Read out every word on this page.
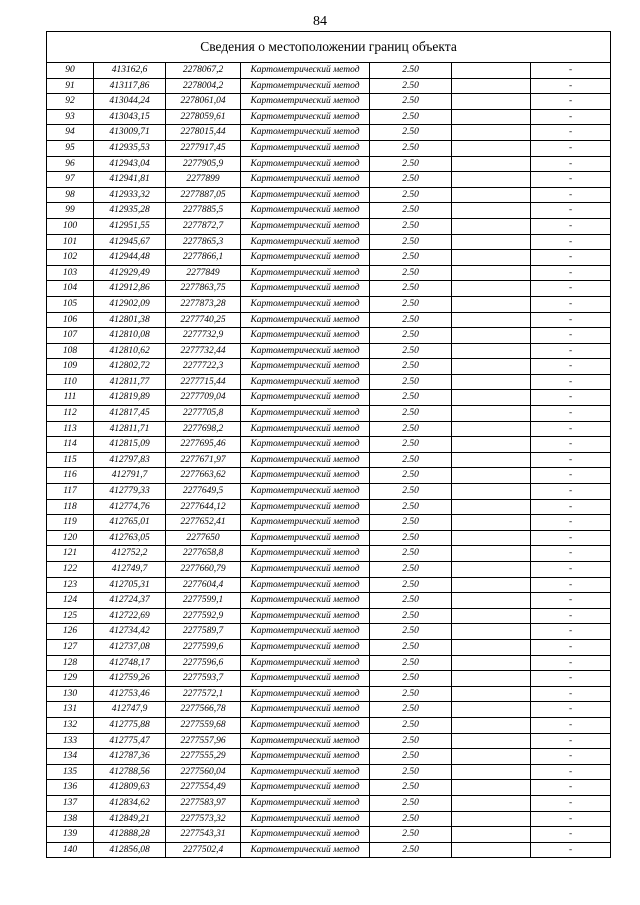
84
Сведения о местоположении границ объекта						
90	413162,6	2278067,2	Картометрический метод	2.50		-
91	413117,86	2278004,2	Картометрический метод	2.50		-
92	413044,24	2278061,04	Картометрический метод	2.50		-
93	413043,15	2278059,61	Картометрический метод	2.50		-
94	413009,71	2278015,44	Картометрический метод	2.50		-
95	412935,53	2277917,45	Картометрический метод	2.50		-
96	412943,04	2277905,9	Картометрический метод	2.50		-
97	412941,81	2277899	Картометрический метод	2.50		-
98	412933,32	2277887,05	Картометрический метод	2.50		-
99	412935,28	2277885,5	Картометрический метод	2.50		-
100	412951,55	2277872,7	Картометрический метод	2.50		-
101	412945,67	2277865,3	Картометрический метод	2.50		-
102	412944,48	2277866,1	Картометрический метод	2.50		-
103	412929,49	2277849	Картометрический метод	2.50		-
104	412912,86	2277863,75	Картометрический метод	2.50		-
105	412902,09	2277873,28	Картометрический метод	2.50		-
106	412801,38	2277740,25	Картометрический метод	2.50		-
107	412810,08	2277732,9	Картометрический метод	2.50		-
108	412810,62	2277732,44	Картометрический метод	2.50		-
109	412802,72	2277722,3	Картометрический метод	2.50		-
110	412811,77	2277715,44	Картометрический метод	2.50		-
111	412819,89	2277709,04	Картометрический метод	2.50		-
112	412817,45	2277705,8	Картометрический метод	2.50		-
113	412811,71	2277698,2	Картометрический метод	2.50		-
114	412815,09	2277695,46	Картометрический метод	2.50		-
115	412797,83	2277671,97	Картометрический метод	2.50		-
116	412791,7	2277663,62	Картометрический метод	2.50		-
117	412779,33	2277649,5	Картометрический метод	2.50		-
118	412774,76	2277644,12	Картометрический метод	2.50		-
119	412765,01	2277652,41	Картометрический метод	2.50		-
120	412763,05	2277650	Картометрический метод	2.50		-
121	412752,2	2277658,8	Картометрический метод	2.50		-
122	412749,7	2277660,79	Картометрический метод	2.50		-
123	412705,31	2277604,4	Картометрический метод	2.50		-
124	412724,37	2277599,1	Картометрический метод	2.50		-
125	412722,69	2277592,9	Картометрический метод	2.50		-
126	412734,42	2277589,7	Картометрический метод	2.50		-
127	412737,08	2277599,6	Картометрический метод	2.50		-
128	412748,17	2277596,6	Картометрический метод	2.50		-
129	412759,26	2277593,7	Картометрический метод	2.50		-
130	412753,46	2277572,1	Картометрический метод	2.50		-
131	412747,9	2277566,78	Картометрический метод	2.50		-
132	412775,88	2277559,68	Картометрический метод	2.50		-
133	412775,47	2277557,96	Картометрический метод	2.50		-
134	412787,36	2277555,29	Картометрический метод	2.50		-
135	412788,56	2277560,04	Картометрический метод	2.50		-
136	412809,63	2277554,49	Картометрический метод	2.50		-
137	412834,62	2277583,97	Картометрический метод	2.50		-
138	412849,21	2277573,32	Картометрический метод	2.50		-
139	412888,28	2277543,31	Картометрический метод	2.50		-
140	412856,08	2277502,4	Картометрический метод	2.50		-
